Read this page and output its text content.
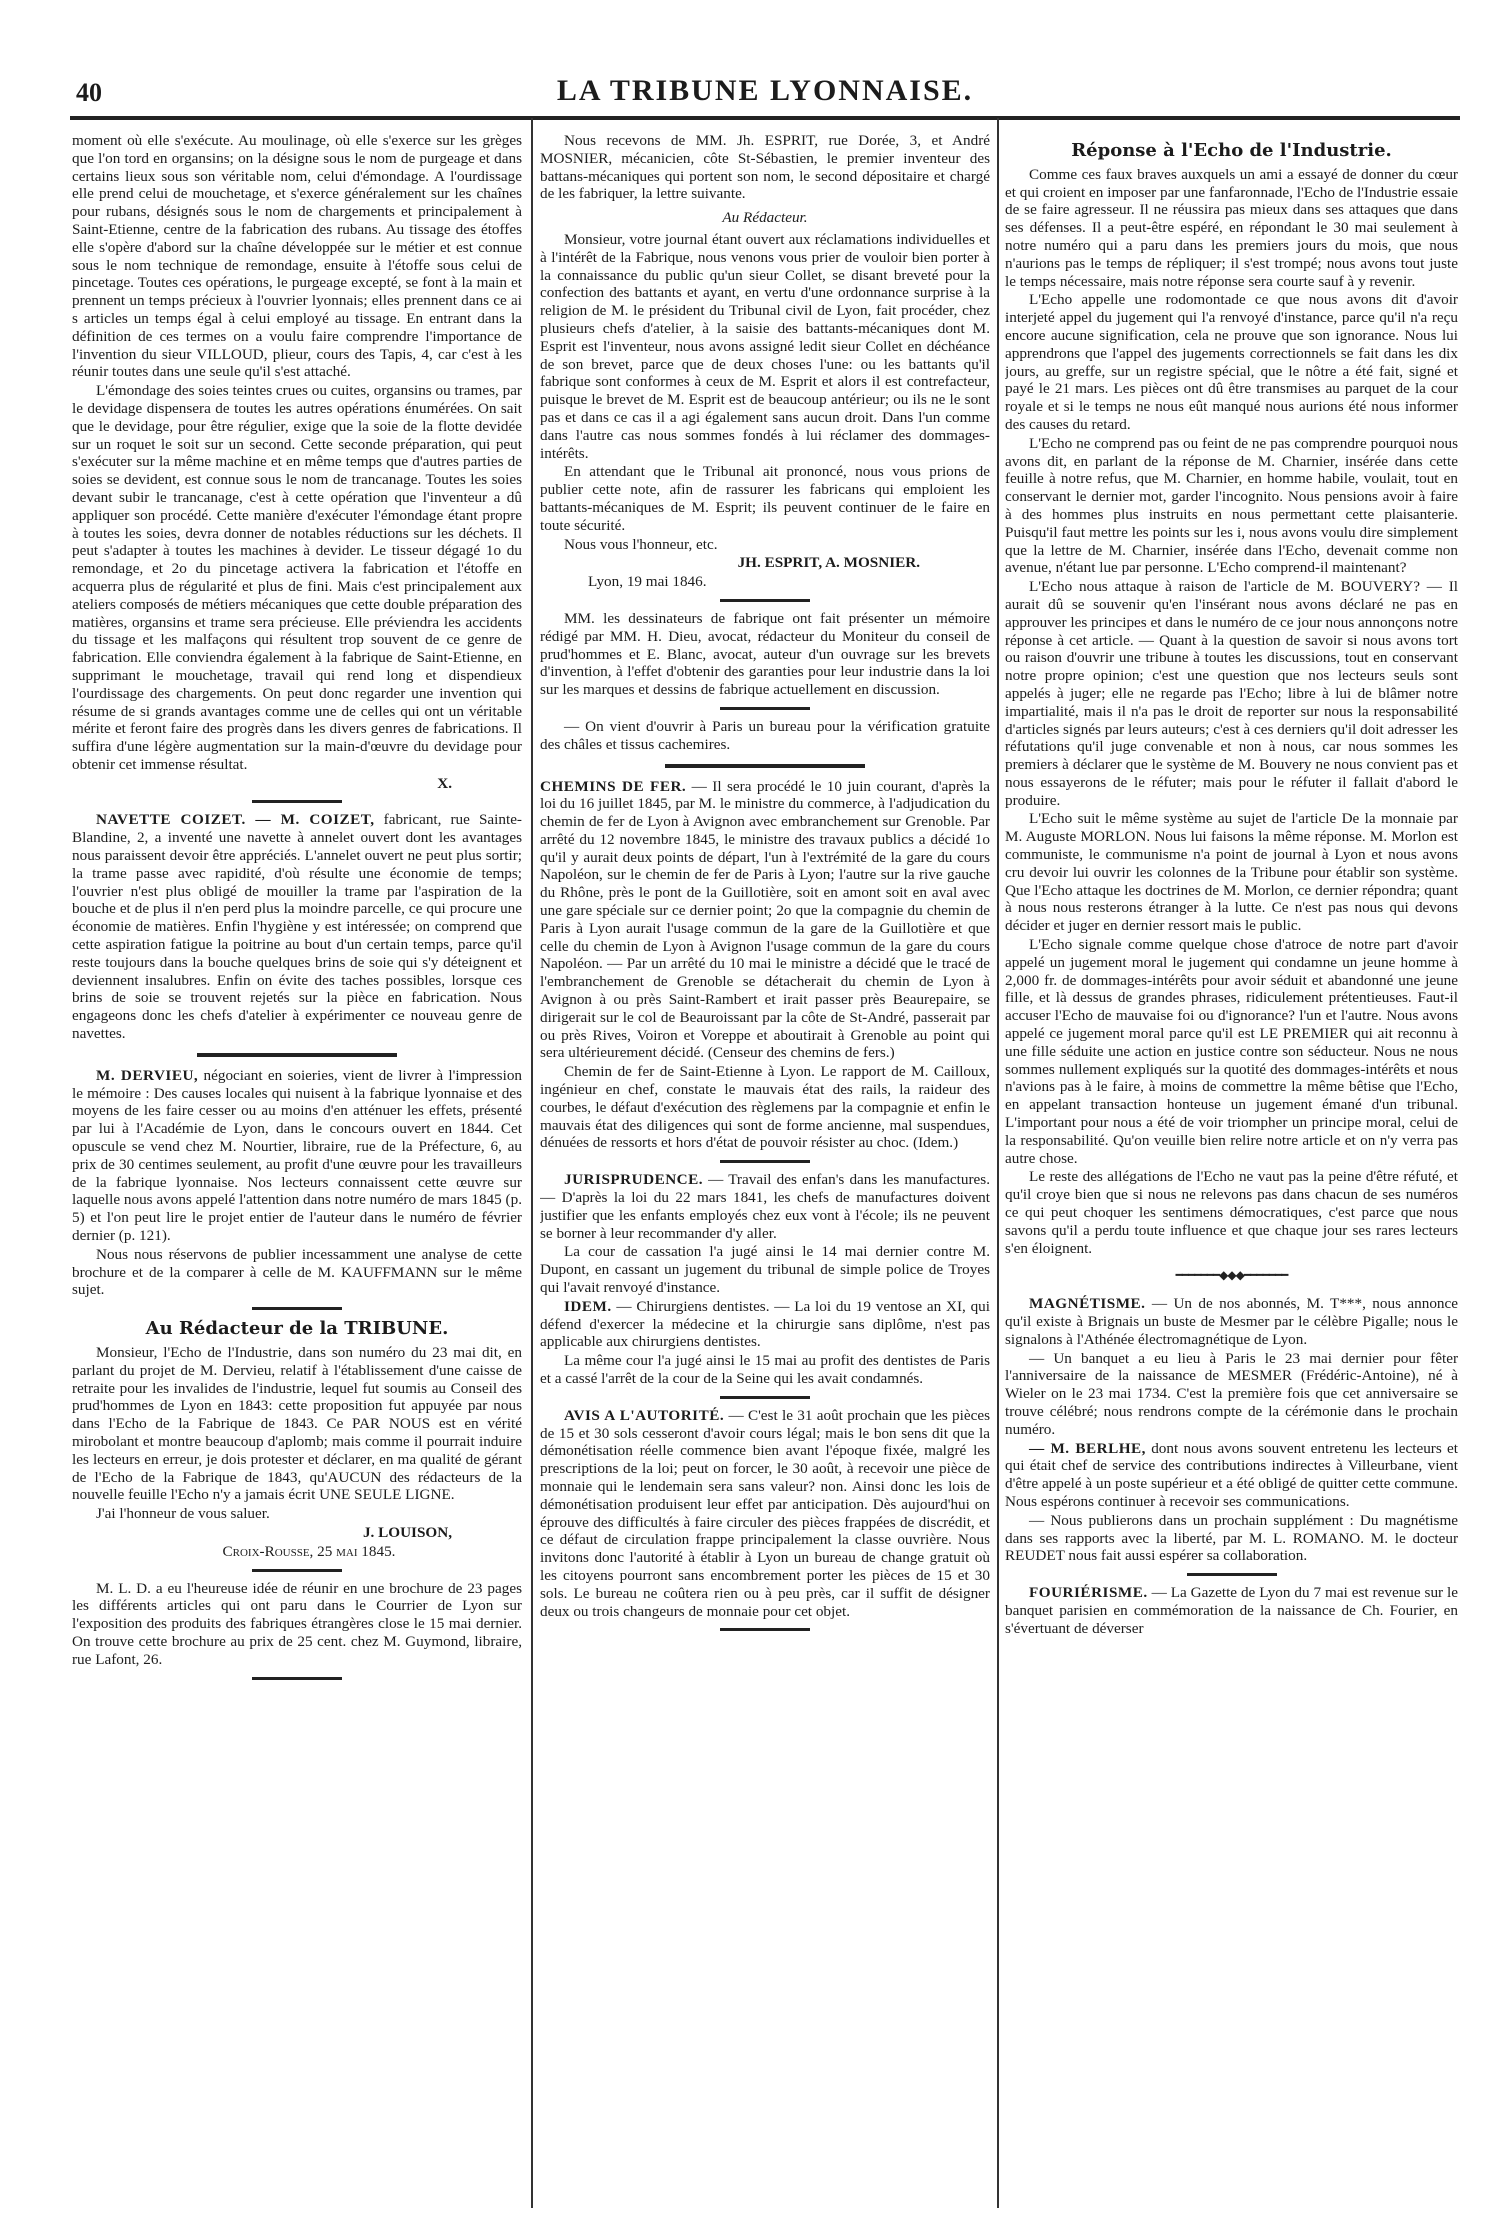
40	LA TRIBUNE LYONNAISE.

moment où elle s'exécute. Au moulinage, où elle s'exerce sur les grèges que l'on tord en organsins; on la désigne sous le nom de purgeage et dans certains lieux sous son véritable nom, celui d'émondage. A l'ourdissage elle prend celui de mouchetage, et s'exerce généralement sur les chaînes pour rubans, désignés sous le nom de chargements et principalement à Saint-Etienne, centre de la fabrication des rubans. Au tissage des étoffes elle s'opère d'abord sur la chaîne développée sur le métier et est connue sous le nom technique de remondage, ensuite à l'étoffe sous celui de pincetage. Toutes ces opérations, le purgeage excepté, se font à la main et prennent un temps précieux à l'ouvrier lyonnais; elles prennent dans ce ai s articles un temps égal à celui employé au tissage. En entrant dans la définition de ces termes on a voulu faire comprendre l'importance de l'invention du sieur VILLOUD, plieur, cours des Tapis, 4, car c'est à les réunir toutes dans une seule qu'il s'est attaché.

L'émondage des soies teintes crues ou cuites, organsins ou trames, par le devidage dispensera de toutes les autres opérations énumérées. On sait que le devidage, pour être régulier, exige que la soie de la flotte devidée sur un roquet le soit sur un second. Cette seconde préparation, qui peut s'exécuter sur la même machine et en même temps que d'autres parties de soies se devident, est connue sous le nom de trancanage. Toutes les soies devant subir le trancanage, c'est à cette opération que l'inventeur a dû appliquer son procédé. Cette manière d'exécuter l'émondage étant propre à toutes les soies, devra donner de notables réductions sur les déchets. Il peut s'adapter à toutes les machines à devider. Le tisseur dégagé 1o du remondage, et 2o du pincetage activera la fabrication et l'étoffe en acquerra plus de régularité et plus de fini. Mais c'est principalement aux ateliers composés de métiers mécaniques que cette double préparation des matières, organsins et trame sera précieuse. Elle préviendra les accidents du tissage et les malfaçons qui résultent trop souvent de ce genre de fabrication. Elle conviendra également à la fabrique de Saint-Etienne, en supprimant le mouchetage, travail qui rend long et dispendieux l'ourdissage des chargements. On peut donc regarder une invention qui résume de si grands avantages comme une de celles qui ont un véritable mérite et feront faire des progrès dans les divers genres de fabrications. Il suffira d'une légère augmentation sur la main-d'œuvre du devidage pour obtenir cet immense résultat.

X.

NAVETTE COIZET. — M. COIZET, fabricant, rue Sainte-Blandine, 2, a inventé une navette à annelet ouvert dont les avantages nous paraissent devoir être appréciés. L'annelet ouvert ne peut plus sortir; la trame passe avec rapidité, d'où résulte une économie de temps; l'ouvrier n'est plus obligé de mouiller la trame par l'aspiration de la bouche et de plus il n'en perd plus la moindre parcelle, ce qui procure une économie de matières. Enfin l'hygiène y est intéressée; on comprend que cette aspiration fatigue la poitrine au bout d'un certain temps, parce qu'il reste toujours dans la bouche quelques brins de soie qui s'y déteignent et deviennent insalubres. Enfin on évite des taches possibles, lorsque ces brins de soie se trouvent rejetés sur la pièce en fabrication. Nous engageons donc les chefs d'atelier à expérimenter ce nouveau genre de navettes.

M. DERVIEU, négociant en soieries, vient de livrer à l'impression le mémoire : Des causes locales qui nuisent à la fabrique lyonnaise et des moyens de les faire cesser ou au moins d'en atténuer les effets, présenté par lui à l'Académie de Lyon, dans le concours ouvert en 1844. Cet opuscule se vend chez M. Nourtier, libraire, rue de la Préfecture, 6, au prix de 30 centimes seulement, au profit d'une œuvre pour les travailleurs de la fabrique lyonnaise. Nos lecteurs connaissent cette œuvre sur laquelle nous avons appelé l'attention dans notre numéro de mars 1845 (p. 5) et l'on peut lire le projet entier de l'auteur dans le numéro de février dernier (p. 121).

Nous nous réservons de publier incessamment une analyse de cette brochure et de la comparer à celle de M. KAUFFMANN sur le même sujet.

Au Rédacteur de la TRIBUNE.

Monsieur, l'Echo de l'Industrie, dans son numéro du 23 mai dit, en parlant du projet de M. Dervieu, relatif à l'établissement d'une caisse de retraite pour les invalides de l'industrie, lequel fut soumis au Conseil des prud'hommes de Lyon en 1843: cette proposition fut appuyée par nous dans l'Echo de la Fabrique de 1843. Ce PAR NOUS est en vérité mirobolant et montre beaucoup d'aplomb; mais comme il pourrait induire les lecteurs en erreur, je dois protester et déclarer, en ma qualité de gérant de l'Echo de la Fabrique de 1843, qu'AUCUN des rédacteurs de la nouvelle feuille l'Echo n'y a jamais écrit UNE SEULE LIGNE.

J'ai l'honneur de vous saluer.

J. LOUISON,

Croix-Rousse, 25 mai 1845.

M. L. D. a eu l'heureuse idée de réunir en une brochure de 23 pages les différents articles qui ont paru dans le Courrier de Lyon sur l'exposition des produits des fabriques étrangères close le 15 mai dernier. On trouve cette brochure au prix de 25 cent. chez M. Guymond, libraire, rue Lafont, 26.

Nous recevons de MM. Jh. ESPRIT, rue Dorée, 3, et André MOSNIER, mécanicien, côte St-Sébastien, le premier inventeur des battans-mécaniques qui portent son nom, le second dépositaire et chargé de les fabriquer, la lettre suivante.

Au Rédacteur.

Monsieur, votre journal étant ouvert aux réclamations individuelles et à l'intérêt de la Fabrique, nous venons vous prier de vouloir bien porter à la connaissance du public qu'un sieur Collet, se disant breveté pour la confection des battants et ayant, en vertu d'une ordonnance surprise à la religion de M. le président du Tribunal civil de Lyon, fait procéder, chez plusieurs chefs d'atelier, à la saisie des battants-mécaniques dont M. Esprit est l'inventeur, nous avons assigné ledit sieur Collet en déchéance de son brevet, parce que de deux choses l'une: ou les battants qu'il fabrique sont conformes à ceux de M. Esprit et alors il est contrefacteur, puisque le brevet de M. Esprit est de beaucoup antérieur; ou ils ne le sont pas et dans ce cas il a agi également sans aucun droit. Dans l'un comme dans l'autre cas nous sommes fondés à lui réclamer des dommages-intérêts.

En attendant que le Tribunal ait prononcé, nous vous prions de publier cette note, afin de rassurer les fabricans qui emploient les battants-mécaniques de M. Esprit; ils peuvent continuer de le faire en toute sécurité.

Nous vous l'honneur, etc.

JH. ESPRIT, A. MOSNIER.

Lyon, 19 mai 1846.

MM. les dessinateurs de fabrique ont fait présenter un mémoire rédigé par MM. H. Dieu, avocat, rédacteur du Moniteur du conseil de prud'hommes et E. Blanc, avocat, auteur d'un ouvrage sur les brevets d'invention, à l'effet d'obtenir des garanties pour leur industrie dans la loi sur les marques et dessins de fabrique actuellement en discussion.

— On vient d'ouvrir à Paris un bureau pour la vérification gratuite des châles et tissus cachemires.

CHEMINS DE FER. — Il sera procédé le 10 juin courant, d'après la loi du 16 juillet 1845, par M. le ministre du commerce, à l'adjudication du chemin de fer de Lyon à Avignon avec embranchement sur Grenoble. Par arrêté du 12 novembre 1845, le ministre des travaux publics a décidé 1o qu'il y aurait deux points de départ, l'un à l'extrémité de la gare du cours Napoléon, sur le chemin de fer de Paris à Lyon; l'autre sur la rive gauche du Rhône, près le pont de la Guillotière, soit en amont soit en aval avec une gare spéciale sur ce dernier point; 2o que la compagnie du chemin de Paris à Lyon aurait l'usage commun de la gare de la Guillotière et que celle du chemin de Lyon à Avignon l'usage commun de la gare du cours Napoléon. — Par un arrêté du 10 mai le ministre a décidé que le tracé de l'embranchement de Grenoble se détacherait du chemin de Lyon à Avignon à ou près Saint-Rambert et irait passer près Beaurepaire, se dirigerait sur le col de Beauroissant par la côte de St-André, passerait par ou près Rives, Voiron et Voreppe et aboutirait à Grenoble au point qui sera ultérieurement décidé. (Censeur des chemins de fers.)

Chemin de fer de Saint-Etienne à Lyon. Le rapport de M. Cailloux, ingénieur en chef, constate le mauvais état des rails, la raideur des courbes, le défaut d'exécution des règlemens par la compagnie et enfin le mauvais état des diligences qui sont de forme ancienne, mal suspendues, dénuées de ressorts et hors d'état de pouvoir résister au choc. (Idem.)

JURISPRUDENCE. — Travail des enfan's dans les manufactures. — D'après la loi du 22 mars 1841, les chefs de manufactures doivent justifier que les enfants employés chez eux vont à l'école; ils ne peuvent se borner à leur recommander d'y aller.

La cour de cassation l'a jugé ainsi le 14 mai dernier contre M. Dupont, en cassant un jugement du tribunal de simple police de Troyes qui l'avait renvoyé d'instance.

IDEM. — Chirurgiens dentistes. — La loi du 19 ventose an XI, qui défend d'exercer la médecine et la chirurgie sans diplôme, n'est pas applicable aux chirurgiens dentistes.

La même cour l'a jugé ainsi le 15 mai au profit des dentistes de Paris et a cassé l'arrêt de la cour de la Seine qui les avait condamnés.

AVIS A L'AUTORITÉ. — C'est le 31 août prochain que les pièces de 15 et 30 sols cesseront d'avoir cours légal; mais le bon sens dit que la démonétisation réelle commence bien avant l'époque fixée, malgré les prescriptions de la loi; peut on forcer, le 30 août, à recevoir une pièce de monnaie qui le lendemain sera sans valeur? non. Ainsi donc les lois de démonétisation produisent leur effet par anticipation. Dès aujourd'hui on éprouve des difficultés à faire circuler des pièces frappées de discrédit, et ce défaut de circulation frappe principalement la classe ouvrière. Nous invitons donc l'autorité à établir à Lyon un bureau de change gratuit où les citoyens pourront sans encombrement porter les pièces de 15 et 30 sols. Le bureau ne coûtera rien ou à peu près, car il suffit de désigner deux ou trois changeurs de monnaie pour cet objet.

Réponse à l'Echo de l'Industrie.

Comme ces faux braves auxquels un ami a essayé de donner du cœur et qui croient en imposer par une fanfaronnade, l'Echo de l'Industrie essaie de se faire agresseur. Il ne réussira pas mieux dans ses attaques que dans ses défenses. Il a peut-être espéré, en répondant le 30 mai seulement à notre numéro qui a paru dans les premiers jours du mois, que nous n'aurions pas le temps de répliquer; il s'est trompé; nous avons tout juste le temps nécessaire, mais notre réponse sera courte sauf à y revenir.

L'Echo appelle une rodomontade ce que nous avons dit d'avoir interjeté appel du jugement qui l'a renvoyé d'instance, parce qu'il n'a reçu encore aucune signification, cela ne prouve que son ignorance. Nous lui apprendrons que l'appel des jugements correctionnels se fait dans les dix jours, au greffe, sur un registre spécial, que le nôtre a été fait, signé et payé le 21 mars. Les pièces ont dû être transmises au parquet de la cour royale et si le temps ne nous eût manqué nous aurions été nous informer des causes du retard.

L'Echo ne comprend pas ou feint de ne pas comprendre pourquoi nous avons dit, en parlant de la réponse de M. Charnier, insérée dans cette feuille à notre refus, que M. Charnier, en homme habile, voulait, tout en conservant le dernier mot, garder l'incognito. Nous pensions avoir à faire à des hommes plus instruits en nous permettant cette plaisanterie. Puisqu'il faut mettre les points sur les i, nous avons voulu dire simplement que la lettre de M. Charnier, insérée dans l'Echo, devenait comme non avenue, n'étant lue par personne. L'Echo comprend-il maintenant?

L'Echo nous attaque à raison de l'article de M. BOUVERY? — Il aurait dû se souvenir qu'en l'insérant nous avons déclaré ne pas en approuver les principes et dans le numéro de ce jour nous annonçons notre réponse à cet article. — Quant à la question de savoir si nous avons tort ou raison d'ouvrir une tribune à toutes les discussions, tout en conservant notre propre opinion; c'est une question que nos lecteurs seuls sont appelés à juger; elle ne regarde pas l'Echo; libre à lui de blâmer notre impartialité, mais il n'a pas le droit de reporter sur nous la responsabilité d'articles signés par leurs auteurs; c'est à ces derniers qu'il doit adresser les réfutations qu'il juge convenable et non à nous, car nous sommes les premiers à déclarer que le système de M. Bouvery ne nous convient pas et nous essayerons de le réfuter; mais pour le réfuter il fallait d'abord le produire.

L'Echo suit le même système au sujet de l'article De la monnaie par M. Auguste MORLON. Nous lui faisons la même réponse. M. Morlon est communiste, le communisme n'a point de journal à Lyon et nous avons cru devoir lui ouvrir les colonnes de la Tribune pour établir son système. Que l'Echo attaque les doctrines de M. Morlon, ce dernier répondra; quant à nous nous resterons étranger à la lutte. Ce n'est pas nous qui devons décider et juger en dernier ressort mais le public.

L'Echo signale comme quelque chose d'atroce de notre part d'avoir appelé un jugement moral le jugement qui condamne un jeune homme à 2,000 fr. de dommages-intérêts pour avoir séduit et abandonné une jeune fille, et là dessus de grandes phrases, ridiculement prétentieuses. Faut-il accuser l'Echo de mauvaise foi ou d'ignorance? l'un et l'autre. Nous avons appelé ce jugement moral parce qu'il est LE PREMIER qui ait reconnu à une fille séduite une action en justice contre son séducteur. Nous ne nous sommes nullement expliqués sur la quotité des dommages-intérêts et nous n'avions pas à le faire, à moins de commettre la même bêtise que l'Echo, en appelant transaction honteuse un jugement émané d'un tribunal. L'important pour nous a été de voir triompher un principe moral, celui de la responsabilité. Qu'on veuille bien relire notre article et on n'y verra pas autre chose.

Le reste des allégations de l'Echo ne vaut pas la peine d'être réfuté, et qu'il croye bien que si nous ne relevons pas dans chacun de ses numéros ce qui peut choquer les sentimens démocratiques, c'est parce que nous savons qu'il a perdu toute influence et que chaque jour ses rares lecteurs s'en éloignent.

━━━━━━━◆◆◆━━━━━━━

MAGNÉTISME. — Un de nos abonnés, M. T***, nous annonce qu'il existe à Brignais un buste de Mesmer par le célèbre Pigalle; nous le signalons à l'Athénée électromagnétique de Lyon.

— Un banquet a eu lieu à Paris le 23 mai dernier pour fêter l'anniversaire de la naissance de MESMER (Frédéric-Antoine), né à Wieler on le 23 mai 1734. C'est la première fois que cet anniversaire se trouve célébré; nous rendrons compte de la cérémonie dans le prochain numéro.

— M. BERLHE, dont nous avons souvent entretenu les lecteurs et qui était chef de service des contributions indirectes à Villeurbane, vient d'être appelé à un poste supérieur et a été obligé de quitter cette commune. Nous espérons continuer à recevoir ses communications.

— Nous publierons dans un prochain supplément : Du magnétisme dans ses rapports avec la liberté, par M. L. ROMANO. M. le docteur REUDET nous fait aussi espérer sa collaboration.

FOURIÉRISME. — La Gazette de Lyon du 7 mai est revenue sur le banquet parisien en commémoration de la naissance de Ch. Fourier, en s'évertuant de déverser
